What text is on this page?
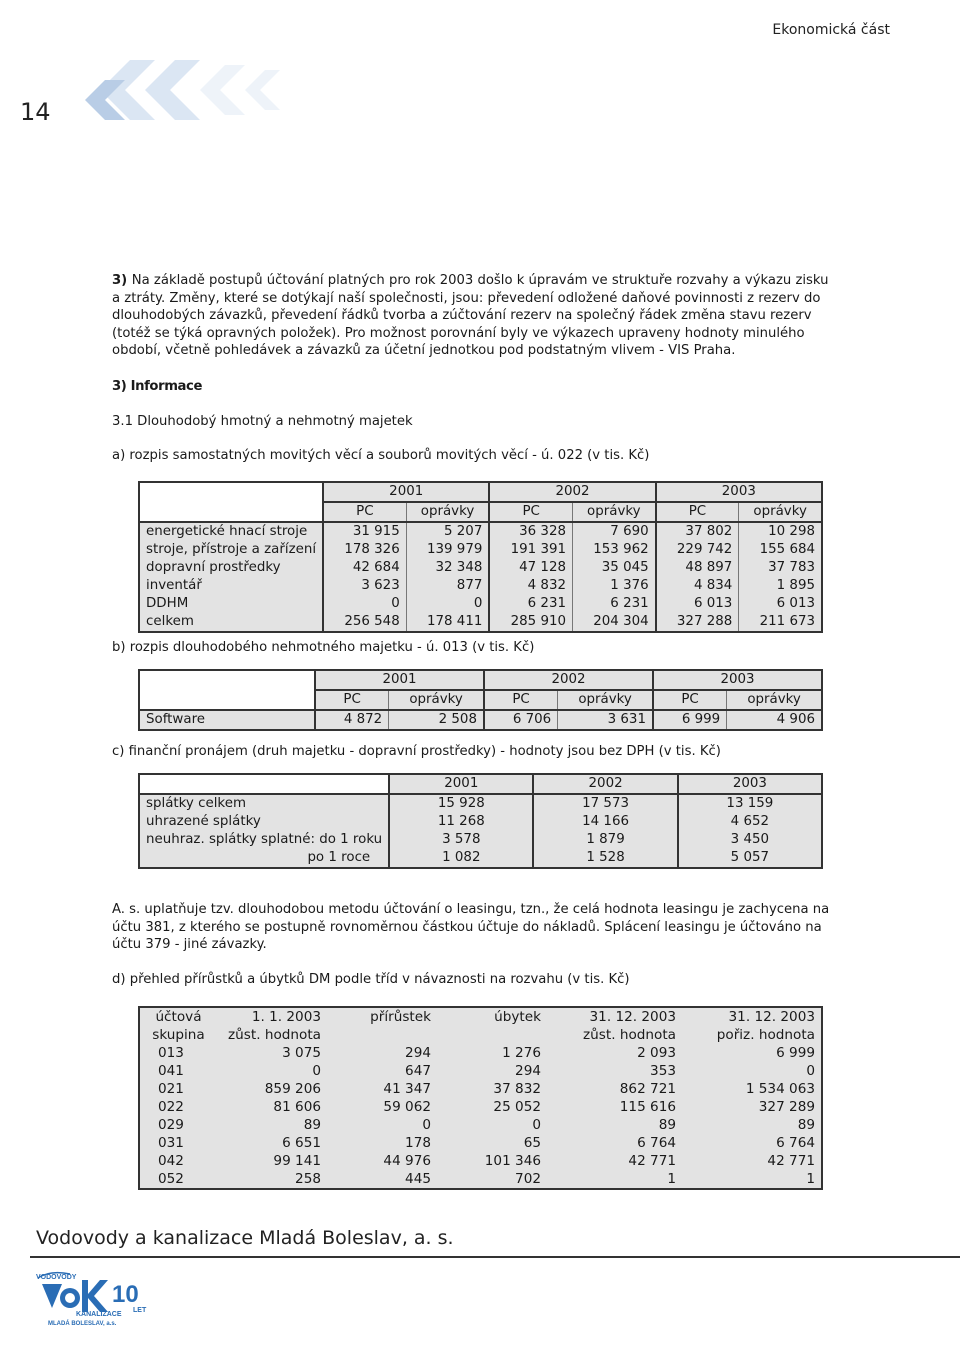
Ekonomická část
14
3) Na základě postupů účtování platných pro rok 2003 došlo k úpravám ve struktuře rozvahy a výkazu zisku a ztráty. Změny, které se dotýkají naší společnosti, jsou: převedení odložené daňové povinnosti z rezerv do dlouhodobých závazků, převedení řádků tvorba a zúčtování rezerv na společný řádek změna stavu rezerv (totéž se týká opravných položek). Pro možnost porovnání byly ve výkazech upraveny hodnoty minulého období, včetně pohledávek a závazků za účetní jednotkou pod podstatným vlivem - VIS Praha.
3) Informace
3.1 Dlouhodobý hmotný a nehmotný majetek
a) rozpis samostatných movitých věcí a souborů movitých věcí - ú. 022 (v tis. Kč)
	2001		2002		2003	
	PC	oprávky	PC	oprávky	PC	oprávky
energetické hnací stroje	31 915	5 207	36 328	7 690	37 802	10 298
stroje, přístroje a zařízení	178 326	139 979	191 391	153 962	229 742	155 684
dopravní prostředky	42 684	32 348	47 128	35 045	48 897	37 783
inventář	3 623	877	4 832	1 376	4 834	1 895
DDHM	0	0	6 231	6 231	6 013	6 013
celkem	256 548	178 411	285 910	204 304	327 288	211 673
b) rozpis dlouhodobého nehmotného majetku - ú. 013 (v tis. Kč)
	2001		2002		2003	
	PC	oprávky	PC	oprávky	PC	oprávky
Software	4 872	2 508	6 706	3 631	6 999	4 906
c) finanční pronájem (druh majetku - dopravní prostředky) - hodnoty jsou bez DPH (v tis. Kč)
	2001	2002	2003
splátky celkem	15 928	17 573	13 159
uhrazené splátky	11 268	14 166	4 652
neuhraz. splátky splatné: do 1 roku	3 578	1 879	3 450
po 1 roce	1 082	1 528	5 057
A. s. uplatňuje tzv. dlouhodobou metodu účtování o leasingu, tzn., že celá hodnota leasingu je zachycena na účtu 381, z kterého se postupně rovnoměrnou částkou účtuje do nákladů. Splácení leasingu je účtováno na účtu 379 - jiné závazky.
d) přehled přírůstků a úbytků DM podle tříd v návaznosti na rozvahu (v tis. Kč)
účtová	1. 1. 2003	přírůstek	úbytek	31. 12. 2003	31. 12. 2003
skupina	zůst. hodnota			zůst. hodnota	pořiz. hodnota
013	3 075	294	1 276	2 093	6 999
041	0	647	294	353	0
021	859 206	41 347	37 832	862 721	1 534 063
022	81 606	59 062	25 052	115 616	327 289
029	89	0	0	89	89
031	6 651	178	65	6 764	6 764
042	99 141	44 976	101 346	42 771	42 771
052	258	445	702	1	1
Vodovody a kanalizace Mladá Boleslav, a. s.
VODOVODY
10
LET
KANALIZACE
MLADÁ BOLESLAV, a.s.
